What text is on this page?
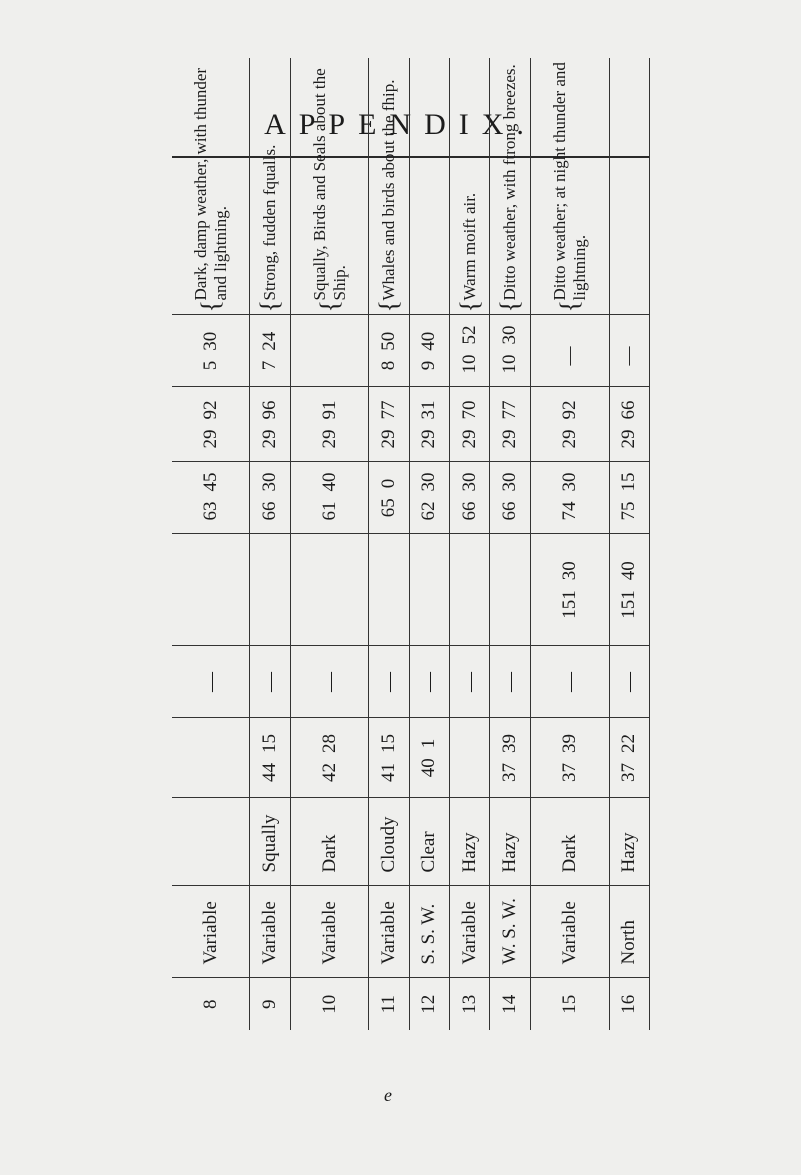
APPENDIX.
8	Variable			—		6345	2992	530	{
Dark, damp weather, with thunder and lightning.
9	Variable	Squally	4415	—		6630	2996	724	{
Strong, fudden fqualls.
10	Variable	Dark	4228	—		6140	2991		{
Squally, Birds and Seals about the Ship.
11	Variable	Cloudy	4115	—		650	2977	850	{
Whales and birds about the fhip.
12	S. S. W.	Clear	401	—		6230	2931	940	
13	Variable	Hazy		—		6630	2970	1052	{
Warm moift air.
14	W. S. W.	Hazy	3739	—		6630	2977	1030	{
Ditto weather, with ftrong breezes.
15	Variable	Dark	3739	—	15130	7430	2992	—	{
Ditto weather; at night thunder and lightning.
16	North	Hazy	3722	—	15140	7515	2966	—	
e
